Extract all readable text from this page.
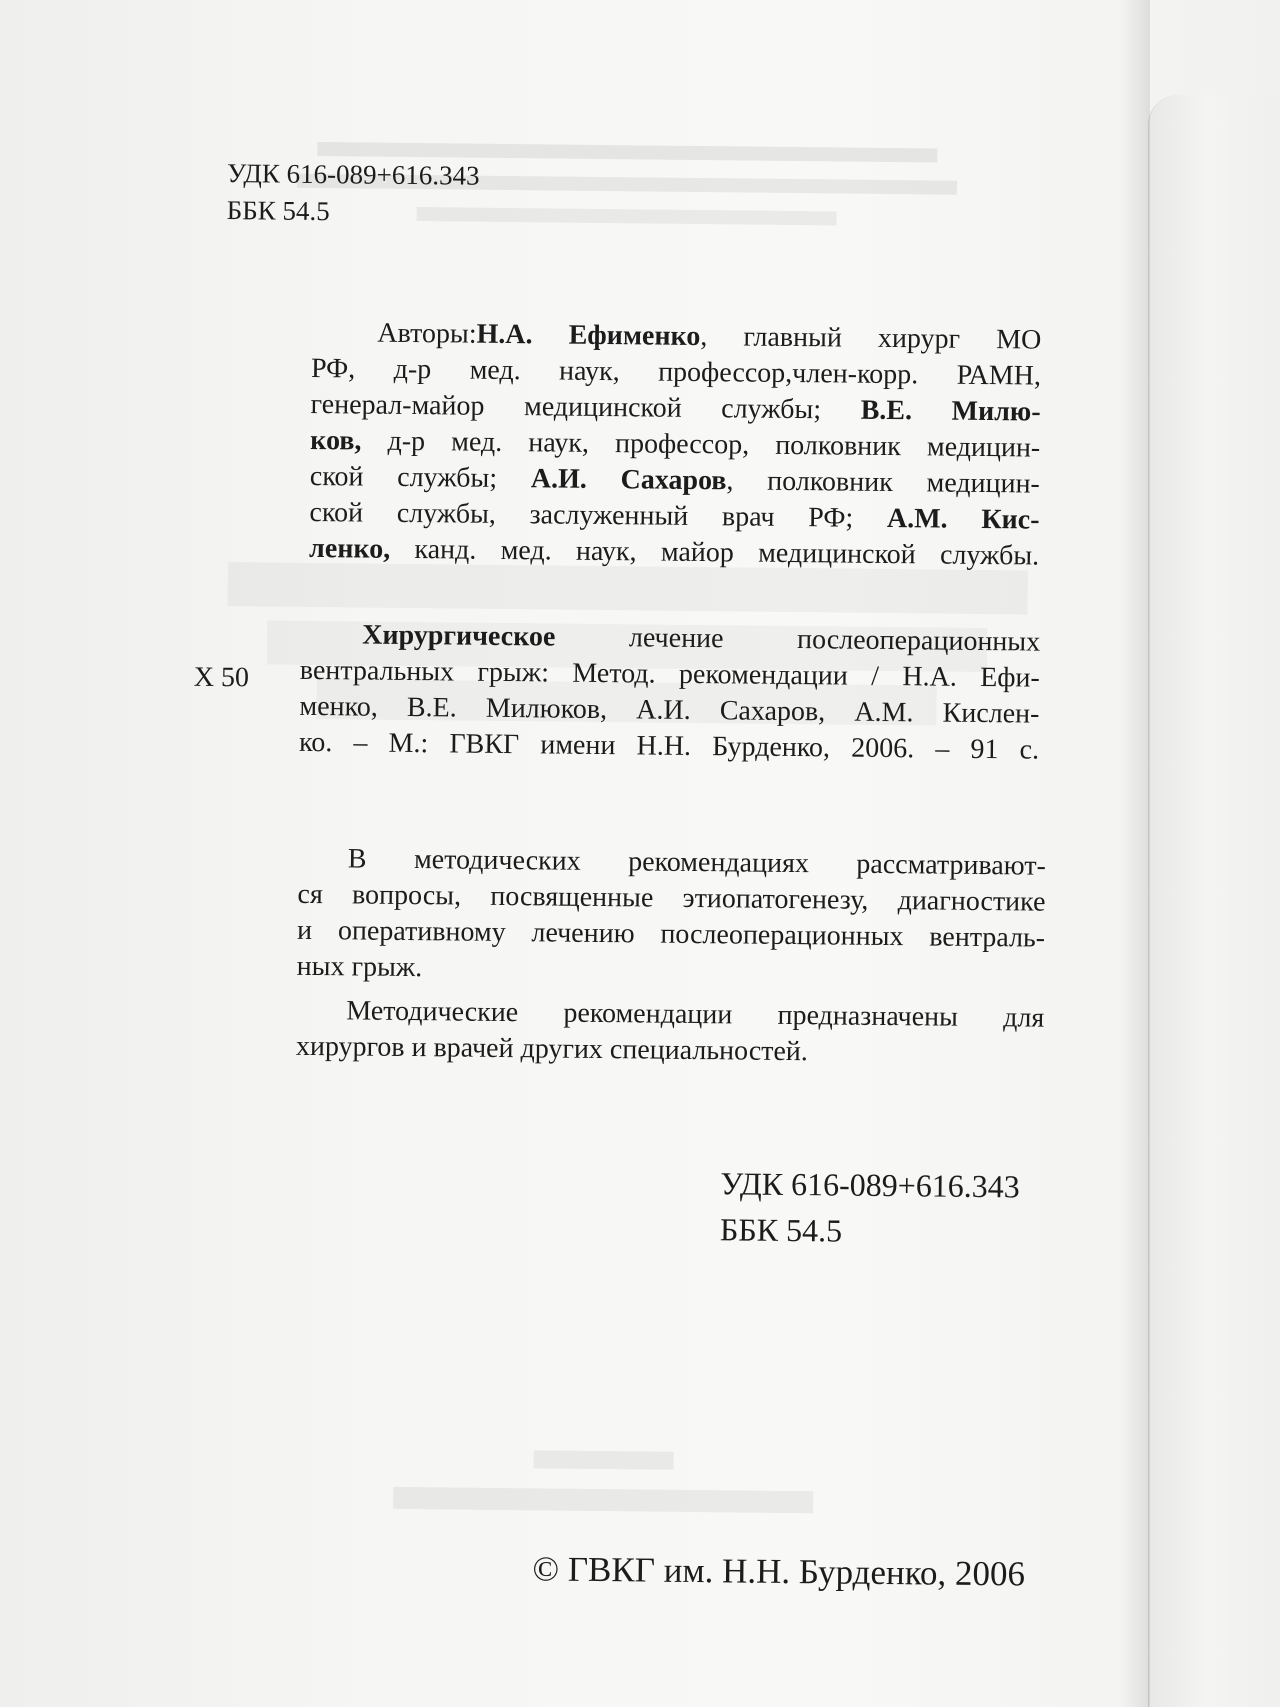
УДК 616-089+616.343

ББК 54.5

Авторы:Н.А. Ефименко, главный хирург МО

РФ, д-р мед. наук, профессор,член-корр. РАМН,

генерал-майор медицинской службы; В.Е. Милю-

ков, д-р мед. наук, профессор, полковник медицин-

ской службы; А.И. Сахаров, полковник медицин-

ской службы, заслуженный врач РФ; А.М. Кис-

ленко, канд. мед. наук, майор медицинской службы.

Х 50

Хирургическое лечение послеоперационных

вентральных грыж: Метод. рекомендации / Н.А. Ефи-

менко, В.Е. Милюков, А.И. Сахаров, А.М. Кислен-

ко. – М.: ГВКГ имени Н.Н. Бурденко, 2006. – 91 с.

В методических рекомендациях рассматривают-

ся вопросы, посвященные этиопатогенезу, диагностике

и оперативному лечению послеоперационных вентраль-

ных грыж.

Методические рекомендации предназначены для

хирургов и врачей других специальностей.

УДК 616-089+616.343

ББК 54.5

© ГВКГ им. Н.Н. Бурденко, 2006
